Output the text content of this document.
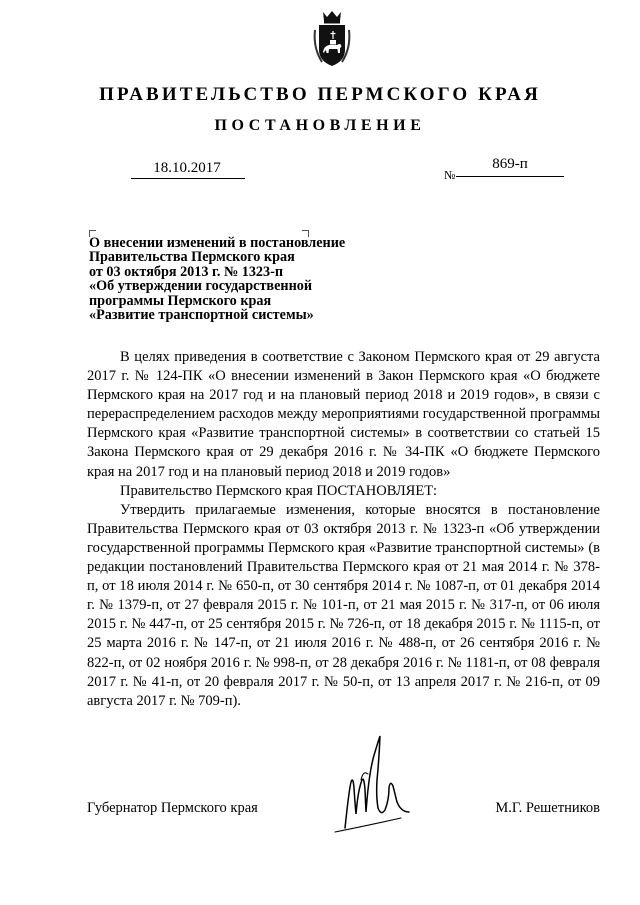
ПРАВИТЕЛЬСТВО ПЕРМСКОГО КРАЯ
ПОСТАНОВЛЕНИЕ
18.10.2017	№
869-п
О внесении изменений в постановление
Правительства Пермского края
от 03 октября 2013 г. № 1323-п
«Об утверждении государственной
программы Пермского края
«Развитие транспортной системы»

В целях приведения в соответствие с Законом Пермского края от 29 августа 2017 г. № 124-ПК «О внесении изменений в Закон Пермского края «О бюджете Пермского края на 2017 год и на плановый период 2018 и 2019 годов», в связи с перераспределением расходов между мероприятиями государственной программы Пермского края «Развитие транспортной системы» в соответствии со статьей 15 Закона Пермского края от 29 декабря 2016 г. № 34-ПК «О бюджете Пермского края на 2017 год и на плановый период 2018 и 2019 годов»

Правительство Пермского края ПОСТАНОВЛЯЕТ:

Утвердить прилагаемые изменения, которые вносятся в постановление Правительства Пермского края от 03 октября 2013 г. № 1323-п «Об утверждении государственной программы Пермского края «Развитие транспортной системы» (в редакции постановлений Правительства Пермского края от 21 мая 2014 г. № 378-п, от 18 июля 2014 г. № 650-п, от 30 сентября 2014 г. № 1087-п, от 01 декабря 2014 г. № 1379-п, от 27 февраля 2015 г. № 101-п, от 21 мая 2015 г. № 317-п, от 06 июля 2015 г. № 447-п, от 25 сентября 2015 г. № 726-п, от 18 декабря 2015 г. № 1115-п, от 25 марта 2016 г. № 147-п, от 21 июля 2016 г. № 488-п, от 26 сентября 2016 г. № 822-п, от 02 ноября 2016 г. № 998-п, от 28 декабря 2016 г. № 1181-п, от 08 февраля 2017 г. № 41-п, от 20 февраля 2017 г. № 50-п, от 13 апреля 2017 г. № 216-п, от 09 августа 2017 г. № 709-п).

Губернатор Пермского края	М.Г. Решетников
